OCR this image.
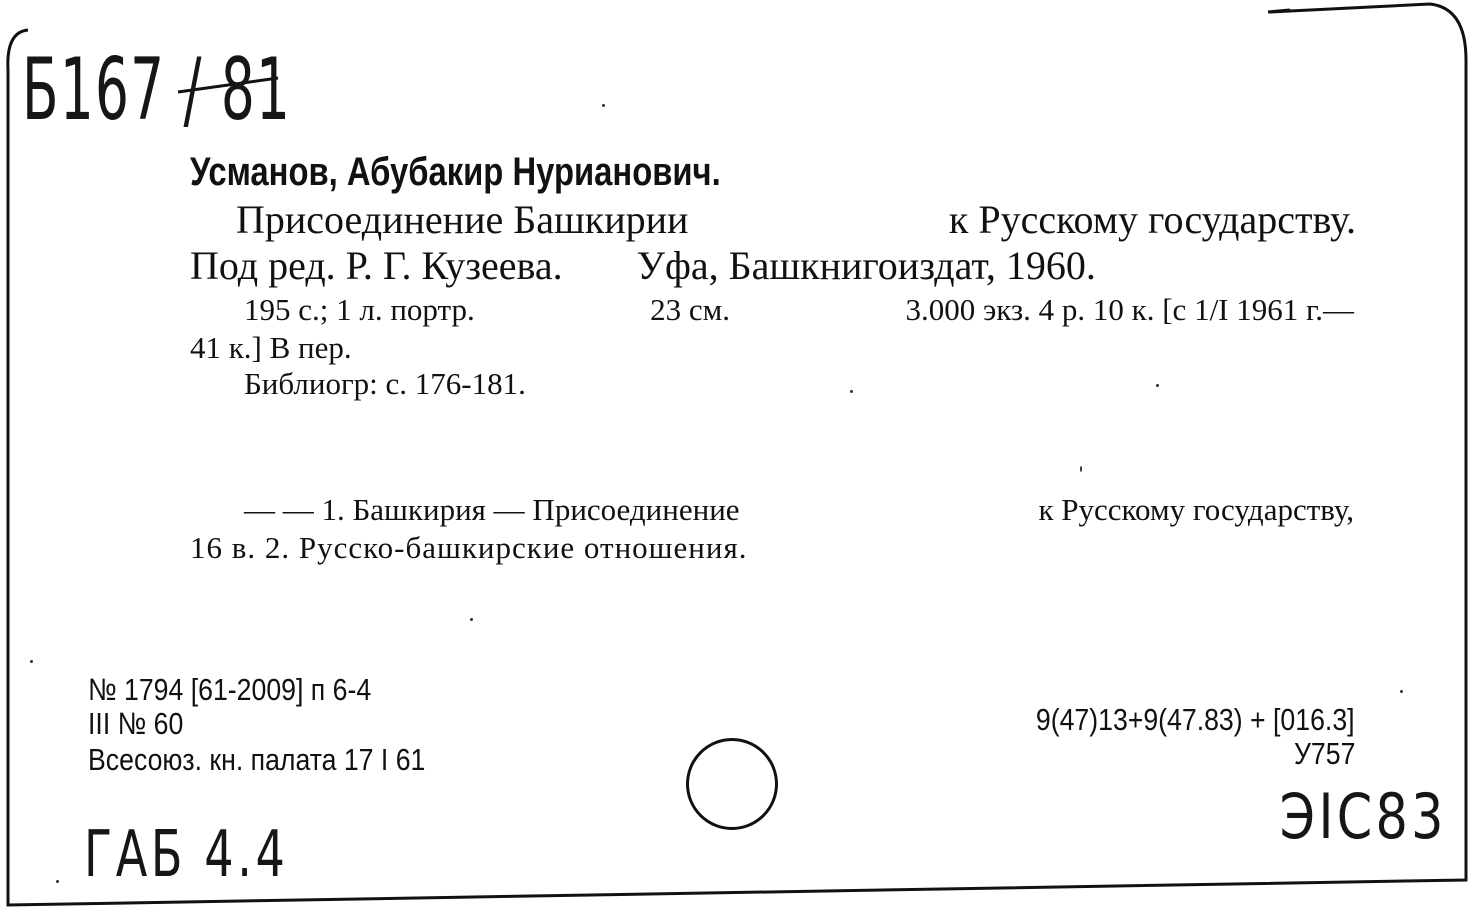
Б167 / 81
Усманов, Абубакир Нурианович.
Присоединение Башкирии	к Русскому государству.
Под ред. Р. Г. Кузеева. Уфа, Башкнигоиздат, 1960.
195 с.; 1 л. портр.	23 см.	3.000 экз. 4 р. 10 к. [с 1/I 1961 г.—
41 к.] В пер.
Библиогр: с. 176-181.
— — 1. Башкирия — Присоединение	к Русскому государству,
16 в. 2. Русско-башкирские отношения.
№ 1794 [61-2009] п 6-4
III № 60
Всесоюз. кн. палата 17 I 61
9(47)13+9(47.83) + [016.3]
У757
ЭІС83
ГАБ 4.4
